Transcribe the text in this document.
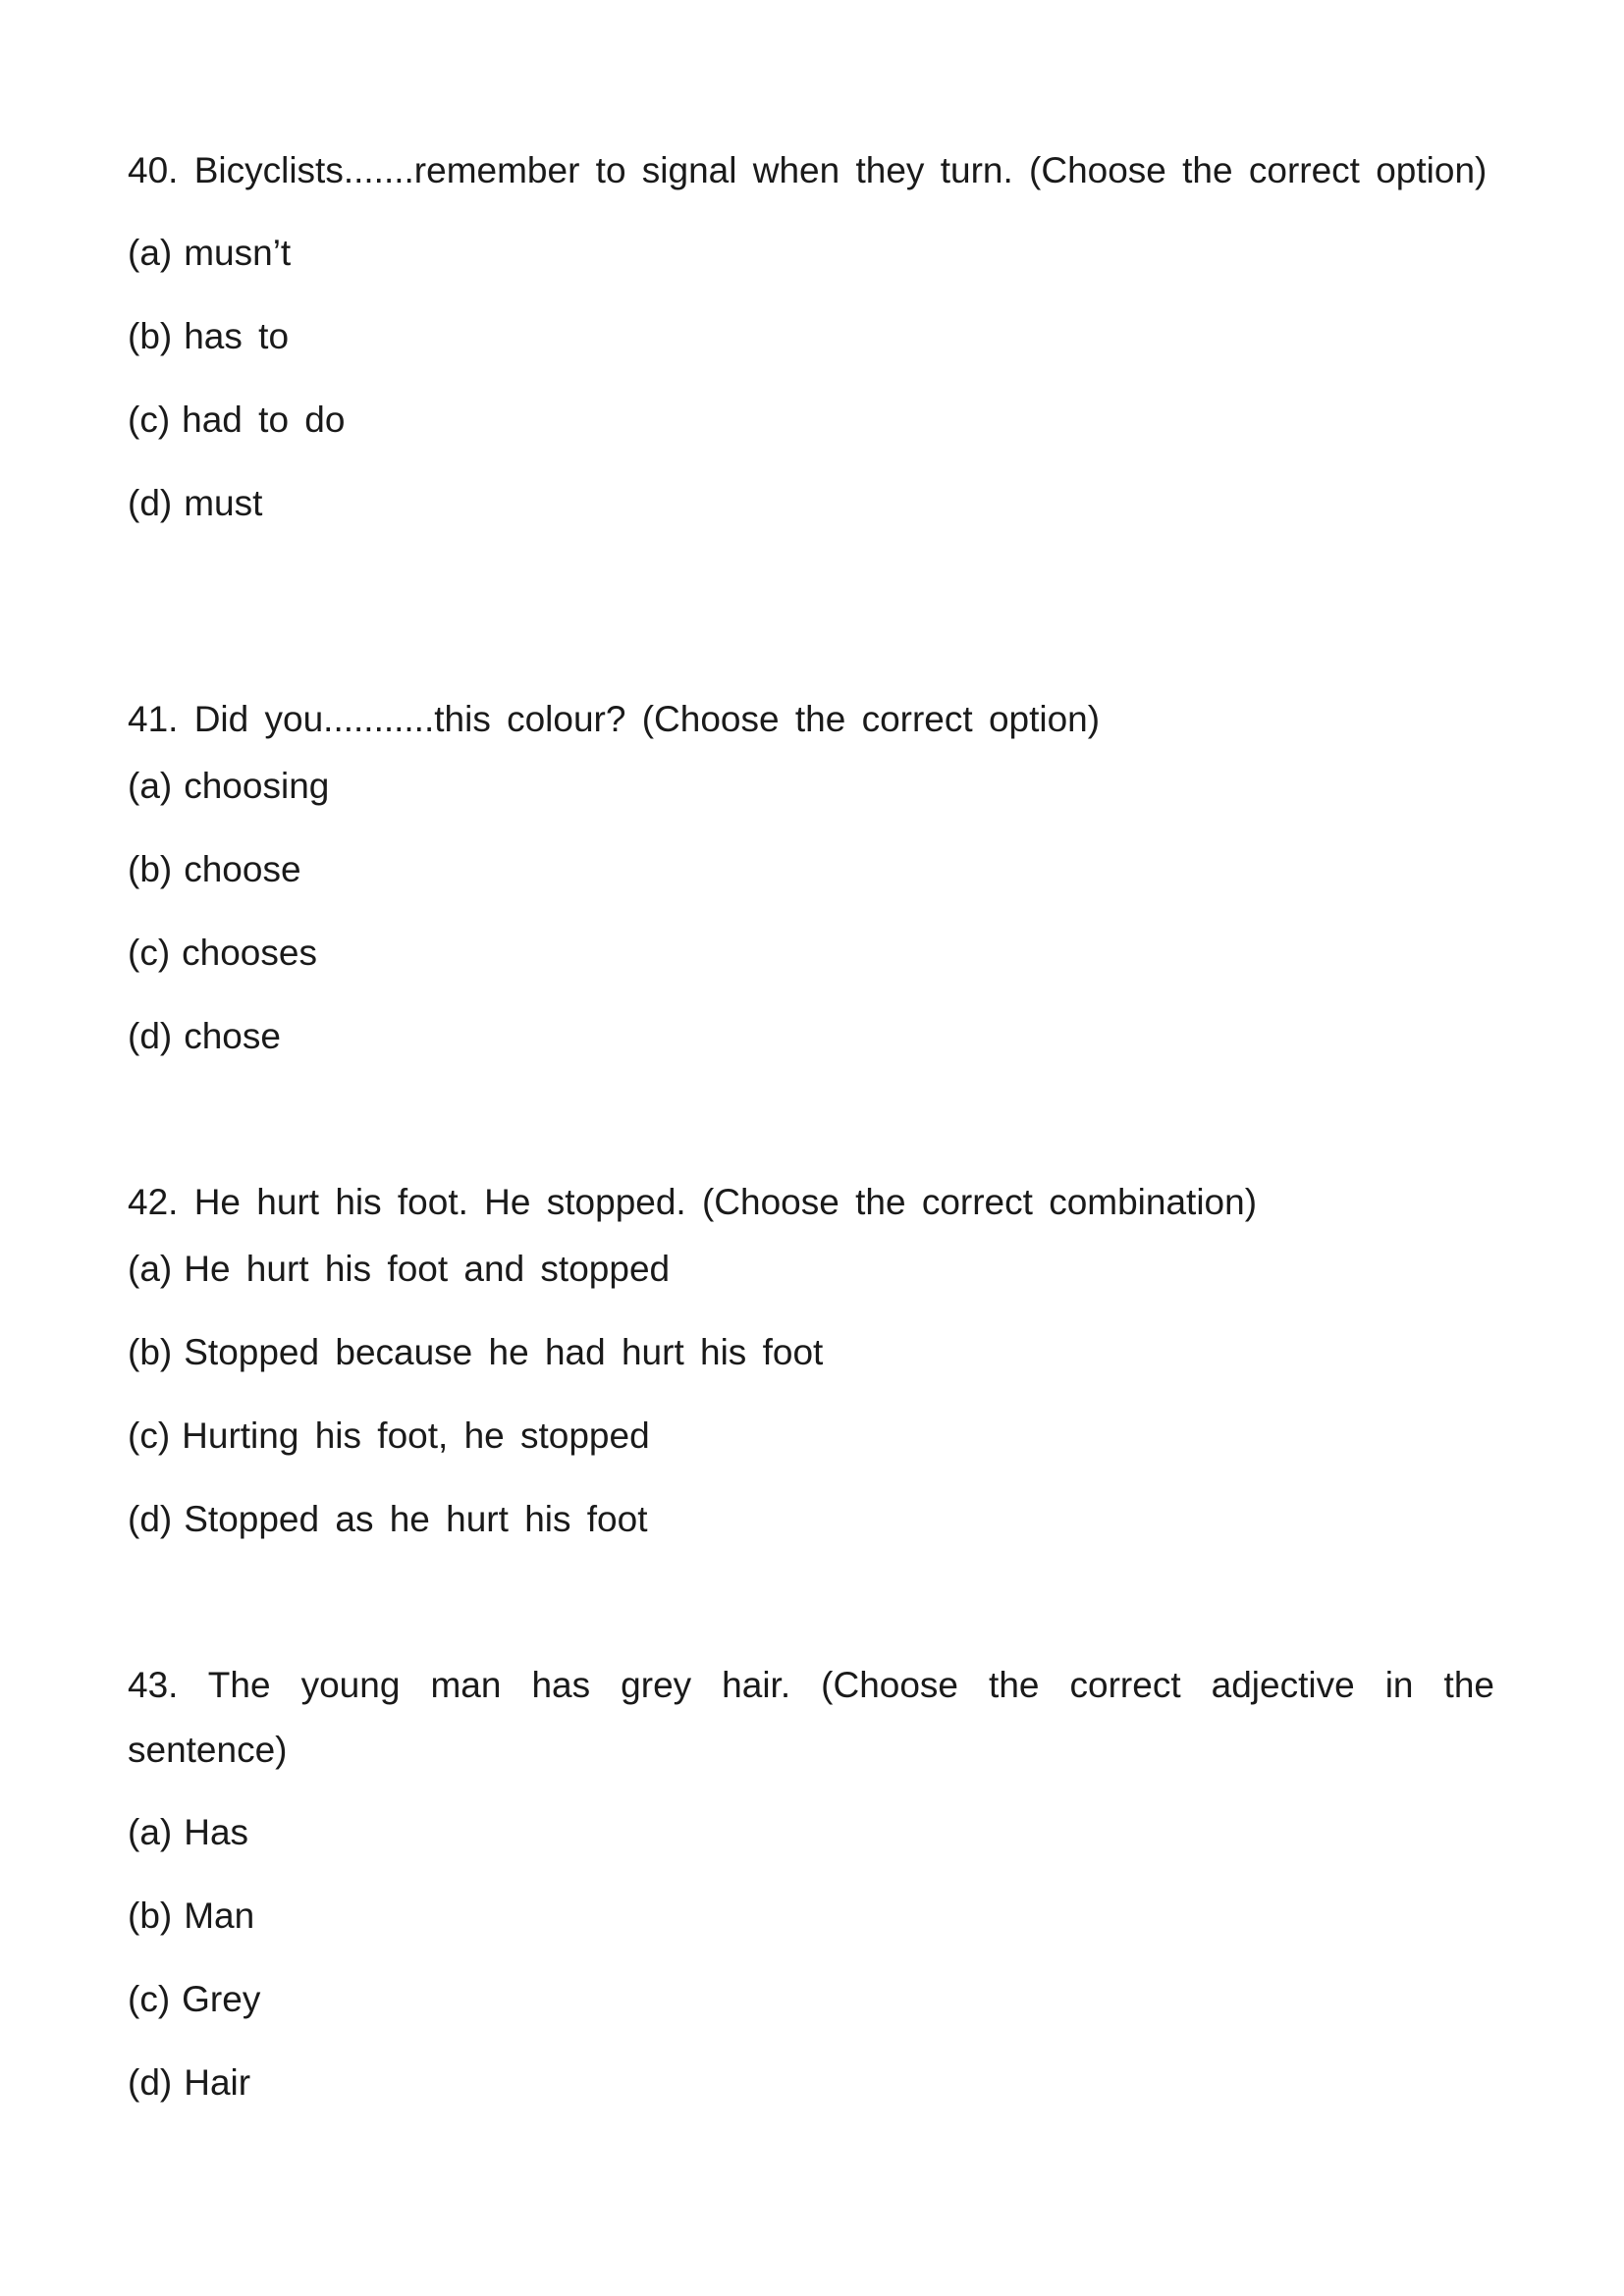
40. Bicyclists.......remember to signal when they turn. (Choose the correct option)

(a) musn’t

(b) has to

(c) had to do

(d) must

41. Did you...........this colour? (Choose the correct option)

(a) choosing

(b) choose

(c) chooses

(d) chose

42. He hurt his foot. He stopped. (Choose the correct combination)

(a) He hurt his foot and stopped

(b) Stopped because he had hurt his foot

(c) Hurting his foot, he stopped

(d) Stopped as he hurt his foot

43. The young man has grey hair. (Choose the correct adjective in the sentence)

(a) Has

(b) Man

(c) Grey

(d) Hair
